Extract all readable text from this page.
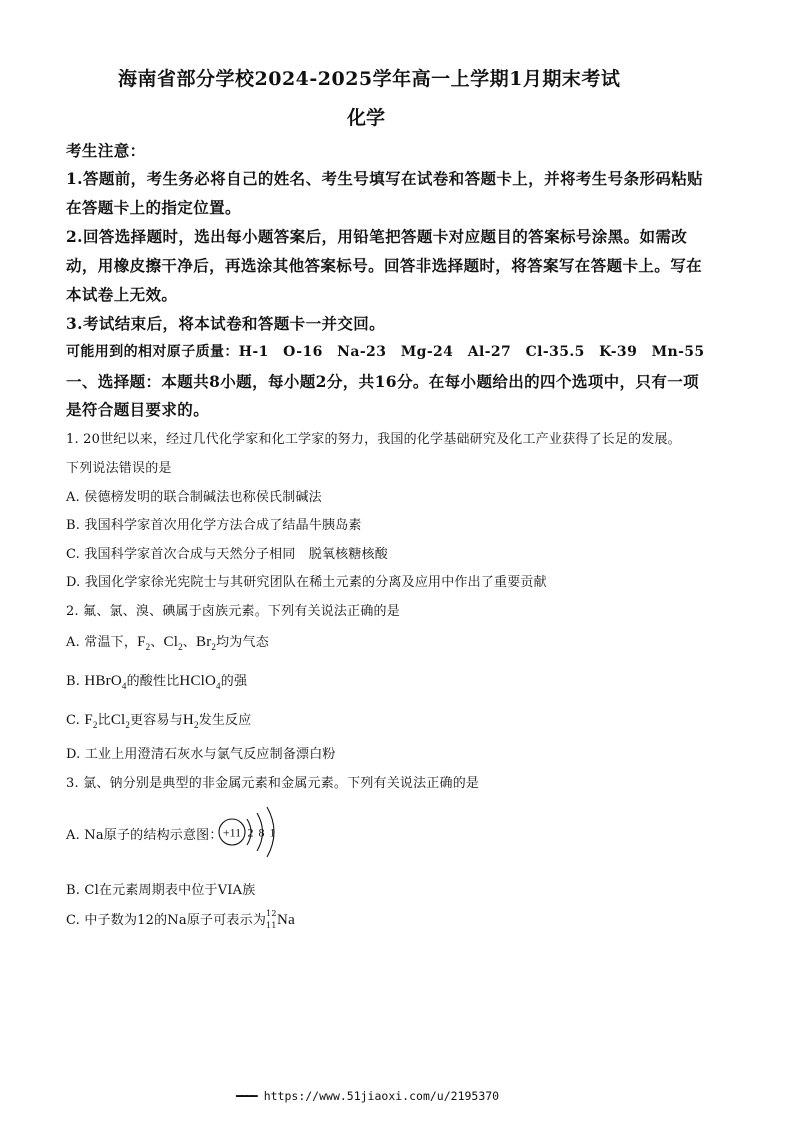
海南省部分学校2024-2025学年高一上学期1月期末考试
化学
考生注意：
1.答题前，考生务必将自己的姓名、考生号填写在试卷和答题卡上，并将考生号条形码粘贴
在答题卡上的指定位置。
2.回答选择题时，选出每小题答案后，用铅笔把答题卡对应题目的答案标号涂黑。如需改
动，用橡皮擦干净后，再选涂其他答案标号。回答非选择题时，将答案写在答题卡上。写在
本试卷上无效。
3.考试结束后，将本试卷和答题卡一并交回。
可能用到的相对原子质量：H-1　O-16　Na-23　Mg-24　Al-27　Cl-35.5　K-39　Mn-55
一、选择题：本题共8小题，每小题2分，共16分。在每小题给出的四个选项中，只有一项
是符合题目要求的。
1. 20世纪以来，经过几代化学家和化工学家的努力，我国的化学基础研究及化工产业获得了长足的发展。
下列说法错误的是
A. 侯德榜发明的联合制碱法也称侯氏制碱法
B. 我国科学家首次用化学方法合成了结晶牛胰岛素
C. 我国科学家首次合成与天然分子相同　脱氧核糖核酸
D. 我国化学家徐光宪院士与其研究团队在稀土元素的分离及应用中作出了重要贡献
2. 氟、氯、溴、碘属于卤族元素。下列有关说法正确的是
A. 常温下，$F_2$、$Cl_2$、$Br_2$均为气态
B. HBrO$_4$的酸性比HClO$_4$的强
C. $F_2$比$Cl_2$更容易与$H_2$发生反应
D. 工业上用澄清石灰水与氯气反应制备漂白粉
3. 氯、钠分别是典型的非金属元素和金属元素。下列有关说法正确的是
A. Na原子的结构示意图： +11 2 8 1
B. Cl在元素周期表中位于VIA族
C. 中子数为12的Na原子可表示为 12
11 Na
━━━━ https://www.51jiaoxi.com/u/2195370
